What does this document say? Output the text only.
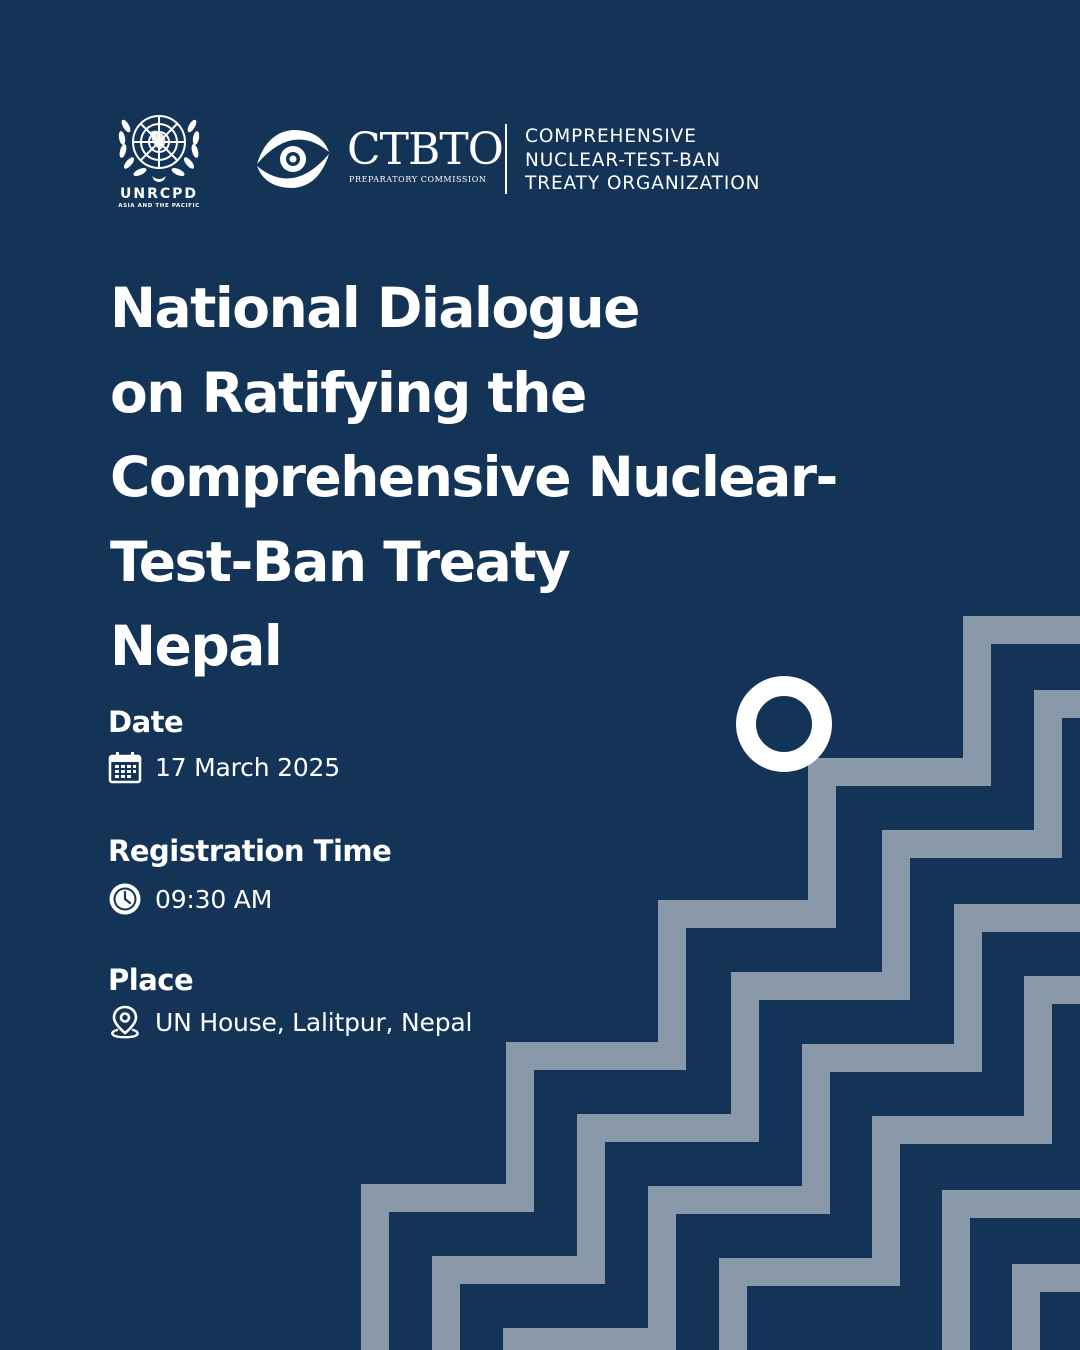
UNRCPD
ASIA AND THE PACIFIC
CTBTO
PREPARATORY COMMISSION
COMPREHENSIVE
NUCLEAR-TEST-BAN
TREATY ORGANIZATION
National Dialogue
on Ratifying the
Comprehensive Nuclear-
Test-Ban Treaty
Nepal
Date
17 March 2025
Registration Time
09:30 AM
Place
UN House, Lalitpur, Nepal
